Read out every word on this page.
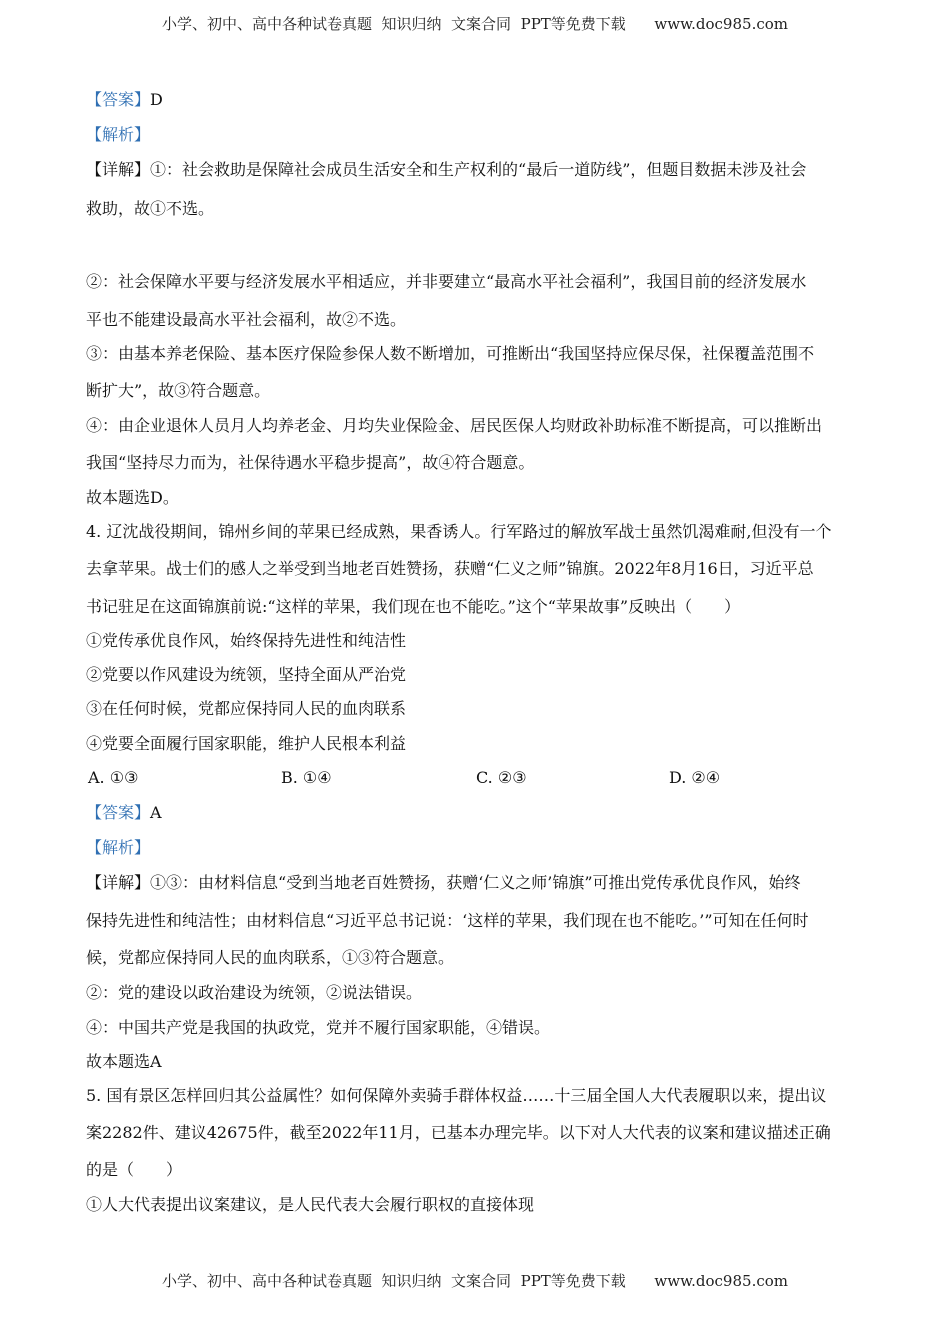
小学、初中、高中各种试卷真题  知识归纳  文案合同  PPT等免费下载      www.doc985.com
【答案】D
【解析】
【详解】①：社会救助是保障社会成员生活安全和生产权利的“最后一道防线”，但题目数据未涉及社会
救助，故①不选。
②：社会保障水平要与经济发展水平相适应，并非要建立“最高水平社会福利”，我国目前的经济发展水
平也不能建设最高水平社会福利，故②不选。
③：由基本养老保险、基本医疗保险参保人数不断增加，可推断出“我国坚持应保尽保，社保覆盖范围不
断扩大”，故③符合题意。
④：由企业退休人员月人均养老金、月均失业保险金、居民医保人均财政补助标准不断提高，可以推断出
我国“坚持尽力而为，社保待遇水平稳步提高”，故④符合题意。
故本题选D。
4. 辽沈战役期间，锦州乡间的苹果已经成熟，果香诱人。行军路过的解放军战士虽然饥渴难耐,但没有一个
去拿苹果。战士们的感人之举受到当地老百姓赞扬，获赠“仁义之师”锦旗。2022年8月16日，习近平总
书记驻足在这面锦旗前说:“这样的苹果，我们现在也不能吃。”这个“苹果故事”反映出（　　）
①党传承优良作风，始终保持先进性和纯洁性
②党要以作风建设为统领，坚持全面从严治党
③在任何时候，党都应保持同人民的血肉联系
④党要全面履行国家职能，维护人民根本利益
A. ①③	B. ①④	C. ②③	D. ②④
【答案】A
【解析】
【详解】①③：由材料信息“受到当地老百姓赞扬，获赠‘仁义之师’锦旗”可推出党传承优良作风，始终
保持先进性和纯洁性；由材料信息“习近平总书记说：‘这样的苹果，我们现在也不能吃。’”可知在任何时
候，党都应保持同人民的血肉联系，①③符合题意。
②：党的建设以政治建设为统领，②说法错误。
④：中国共产党是我国的执政党，党并不履行国家职能，④错误。
故本题选A
5. 国有景区怎样回归其公益属性？如何保障外卖骑手群体权益……十三届全国人大代表履职以来，提出议
案2282件、建议42675件，截至2022年11月，已基本办理完毕。以下对人大代表的议案和建议描述正确
的是（　　）
①人大代表提出议案建议，是人民代表大会履行职权的直接体现
小学、初中、高中各种试卷真题  知识归纳  文案合同  PPT等免费下载      www.doc985.com
